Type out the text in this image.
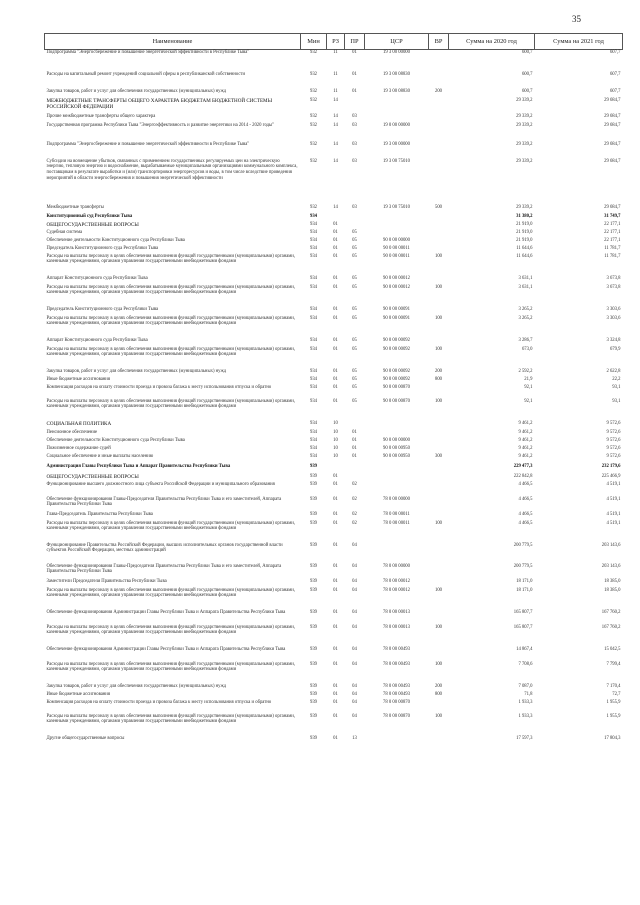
35
Наименование	Мин	РЗ	ПР	ЦСР	ВР	Сумма на 2020 год	Сумма на 2021 год
Подпрограмма "Энергосбережение и повышение энергетической эффективности в Республике Тыва"	932	11	01	19 3 00 00000		600,7	607,7
Расходы на капитальный ремонт учреждений социальной сферы в республиканской собственности	932	11	01	19 3 00 08830		600,7	607,7
Закупка товаров, работ и услуг для обеспечения государственных (муниципальных) нужд	932	11	01	19 3 00 08830	200	600,7	607,7
МЕЖБЮДЖЕТНЫЕ ТРАНСФЕРТЫ ОБЩЕГО ХАРАКТЕРА БЮДЖЕТАМ БЮДЖЕТНОЙ СИСТЕМЫ РОССИЙСКОЙ ФЕДЕРАЦИИ	932	14				29 339,2	29 684,7
Прочие межбюджетные трансферты общего характера	932	14	03			29 339,2	29 684,7
Государственная программа Республики Тыва "Энергоэффективность и развитие энергетики на 2014 - 2020 годы"	932	14	03	19 0 00 00000		29 339,2	29 684,7
Подпрограмма "Энергосбережение и повышение энергетической эффективности в Республике Тыва"	932	14	03	19 3 00 00000		29 339,2	29 684,7
Субсидии на возмещение убытков, связанных с применением государственных регулируемых цен на электрическую энергию, тепловую энергию и водоснабжение, вырабатываемые муниципальными организациями коммунального комплекса, поставщикам в результате выработки и (или) транспортировки энергоресурсов и воды, в том числе вследствие проведения мероприятий в области энергосбережения и повышения энергетической эффективности	932	14	03	19 3 00 75010		29 339,2	29 684,7
Межбюджетные трансферты	932	14	03	19 3 00 75010	500	29 339,2	29 684,7
Конституционный суд Республики Тыва	934					31 380,2	31 749,7
ОБЩЕГОСУДАРСТВЕННЫЕ ВОПРОСЫ	934	01				21 919,0	22 177,1
Судебная система	934	01	05			21 919,0	22 177,1
Обеспечение деятельности Конституционного суда Республики Тыва	934	01	05	90 0 00 00000		21 919,0	22 177,1
Председатель Конституционного суда Республики Тыва	934	01	05	90 0 00 00011		11 644,6	11 781,7
Расходы на выплаты персоналу в целях обеспечения выполнения функций государственными (муниципальными) органами, казенными учреждениями, органами управления государственными внебюджетными фондами	934	01	05	90 0 00 00011	100	11 644,6	11 781,7
Аппарат Конституционного суда Республики Тыва	934	01	05	90 0 00 00012		3 631,1	3 673,8
Расходы на выплаты персоналу в целях обеспечения выполнения функций государственными (муниципальными) органами, казенными учреждениями, органами управления государственными внебюджетными фондами	934	01	05	90 0 00 00012	100	3 631,1	3 673,8
Председатель Конституционного суда Республики Тыва	934	01	05	90 0 00 00091		3 265,2	3 303,6
Расходы на выплаты персоналу в целях обеспечения выполнения функций государственными (муниципальными) органами, казенными учреждениями, органами управления государственными внебюджетными фондами	934	01	05	90 0 00 00091	100	3 265,2	3 303,6
Аппарат Конституционного суда Республики Тыва	934	01	05	90 0 00 00092		3 286,7	3 324,8
Расходы на выплаты персоналу в целях обеспечения выполнения функций государственными (муниципальными) органами, казенными учреждениями, органами управления государственными внебюджетными фондами	934	01	05	90 0 00 00092	100	673,0	679,9
Закупка товаров, работ и услуг для обеспечения государственных (муниципальных) нужд	934	01	05	90 0 00 00092	200	2 592,2	2 622,8
Иные бюджетные ассигнования	934	01	05	90 0 00 00092	800	21,9	22,2
Компенсация расходов на оплату стоимости проезда и провоза багажа к месту использования отпуска и обратно	934	01	05	90 0 00 00870		92,1	93,1
Расходы на выплаты персоналу в целях обеспечения выполнения функций государственными (муниципальными) органами, казенными учреждениями, органами управления государственными внебюджетными фондами	934	01	05	90 0 00 00870	100	92,1	93,1
СОЦИАЛЬНАЯ ПОЛИТИКА	934	10				9 461,2	9 572,6
Пенсионное обеспечение	934	10	01			9 461,2	9 572,6
Обеспечение деятельности Конституционного суда Республики Тыва	934	10	01	90 0 00 00000		9 461,2	9 572,6
Пожизненное содержание судей	934	10	01	90 0 00 00950		9 461,2	9 572,6
Социальное обеспечение и иные выплаты населению	934	10	01	90 0 00 00950	300	9 461,2	9 572,6
Администрация Главы Республики Тыва и Аппарат Правительства Республики Тыва	939					229 477,3	232 179,6
ОБЩЕГОСУДАРСТВЕННЫЕ ВОПРОСЫ	939	01				222 842,8	225 466,9
Функционирование высшего должностного лица субъекта Российской Федерации и муниципального образования	939	01	02			4 466,5	4 519,1
Обеспечение функционирования Главы-Председателя Правительства Республики Тыва и его заместителей, Аппарата Правительства Республики Тыва	939	01	02	78 0 00 00000		4 466,5	4 519,1
Глава-Председатель Правительства Республики Тыва	939	01	02	78 0 00 00011		4 466,5	4 519,1
Расходы на выплаты персоналу в целях обеспечения выполнения функций государственными (муниципальными) органами, казенными учреждениями, органами управления государственными внебюджетными фондами	939	01	02	78 0 00 00011	100	4 466,5	4 519,1
Функционирование Правительства Российской Федерации, высших исполнительных органов государственной власти субъектов Российской Федерации, местных администраций	939	01	04			200 779,5	203 143,6
Обеспечение функционирования Главы-Председателя Правительства Республики Тыва и его заместителей, Аппарата Правительства Республики Тыва	939	01	04	78 0 00 00000		200 779,5	203 143,6
Заместители Председателя Правительства Республики Тыва	939	01	04	78 0 00 00012		18 171,0	18 385,0
Расходы на выплаты персоналу в целях обеспечения выполнения функций государственными (муниципальными) органами, казенными учреждениями, органами управления государственными внебюджетными фондами	939	01	04	78 0 00 00012	100	18 171,0	18 385,0
Обеспечение функционирования Администрации Главы Республики Тыва и Аппарата Правительства Республики Тыва	939	01	04	78 0 00 00013		165 807,7	167 760,2
Расходы на выплаты персоналу в целях обеспечения выполнения функций государственными (муниципальными) органами, казенными учреждениями, органами управления государственными внебюджетными фондами	939	01	04	78 0 00 00013	100	165 807,7	167 760,2
Обеспечение функционирования Администрации Главы Республики Тыва и Аппарата Правительства Республики Тыва	939	01	04	78 0 00 00493		14 867,4	15 042,5
Расходы на выплаты персоналу в целях обеспечения выполнения функций государственными (муниципальными) органами, казенными учреждениями, органами управления государственными внебюджетными фондами	939	01	04	78 0 00 00493	100	7 708,6	7 799,4
Закупка товаров, работ и услуг для обеспечения государственных (муниципальных) нужд	939	01	04	78 0 00 00493	200	7 087,0	7 170,4
Иные бюджетные ассигнования	939	01	04	78 0 00 00493	800	71,8	72,7
Компенсация расходов на оплату стоимости проезда и провоза багажа к месту использования отпуска и обратно	939	01	04	78 0 00 00870		1 933,3	1 955,9
Расходы на выплаты персоналу в целях обеспечения выполнения функций государственными (муниципальными) органами, казенными учреждениями, органами управления государственными внебюджетными фондами	939	01	04	78 0 00 00870	100	1 933,3	1 955,9
Другие общегосударственные вопросы	939	01	13			17 597,3	17 804,3
